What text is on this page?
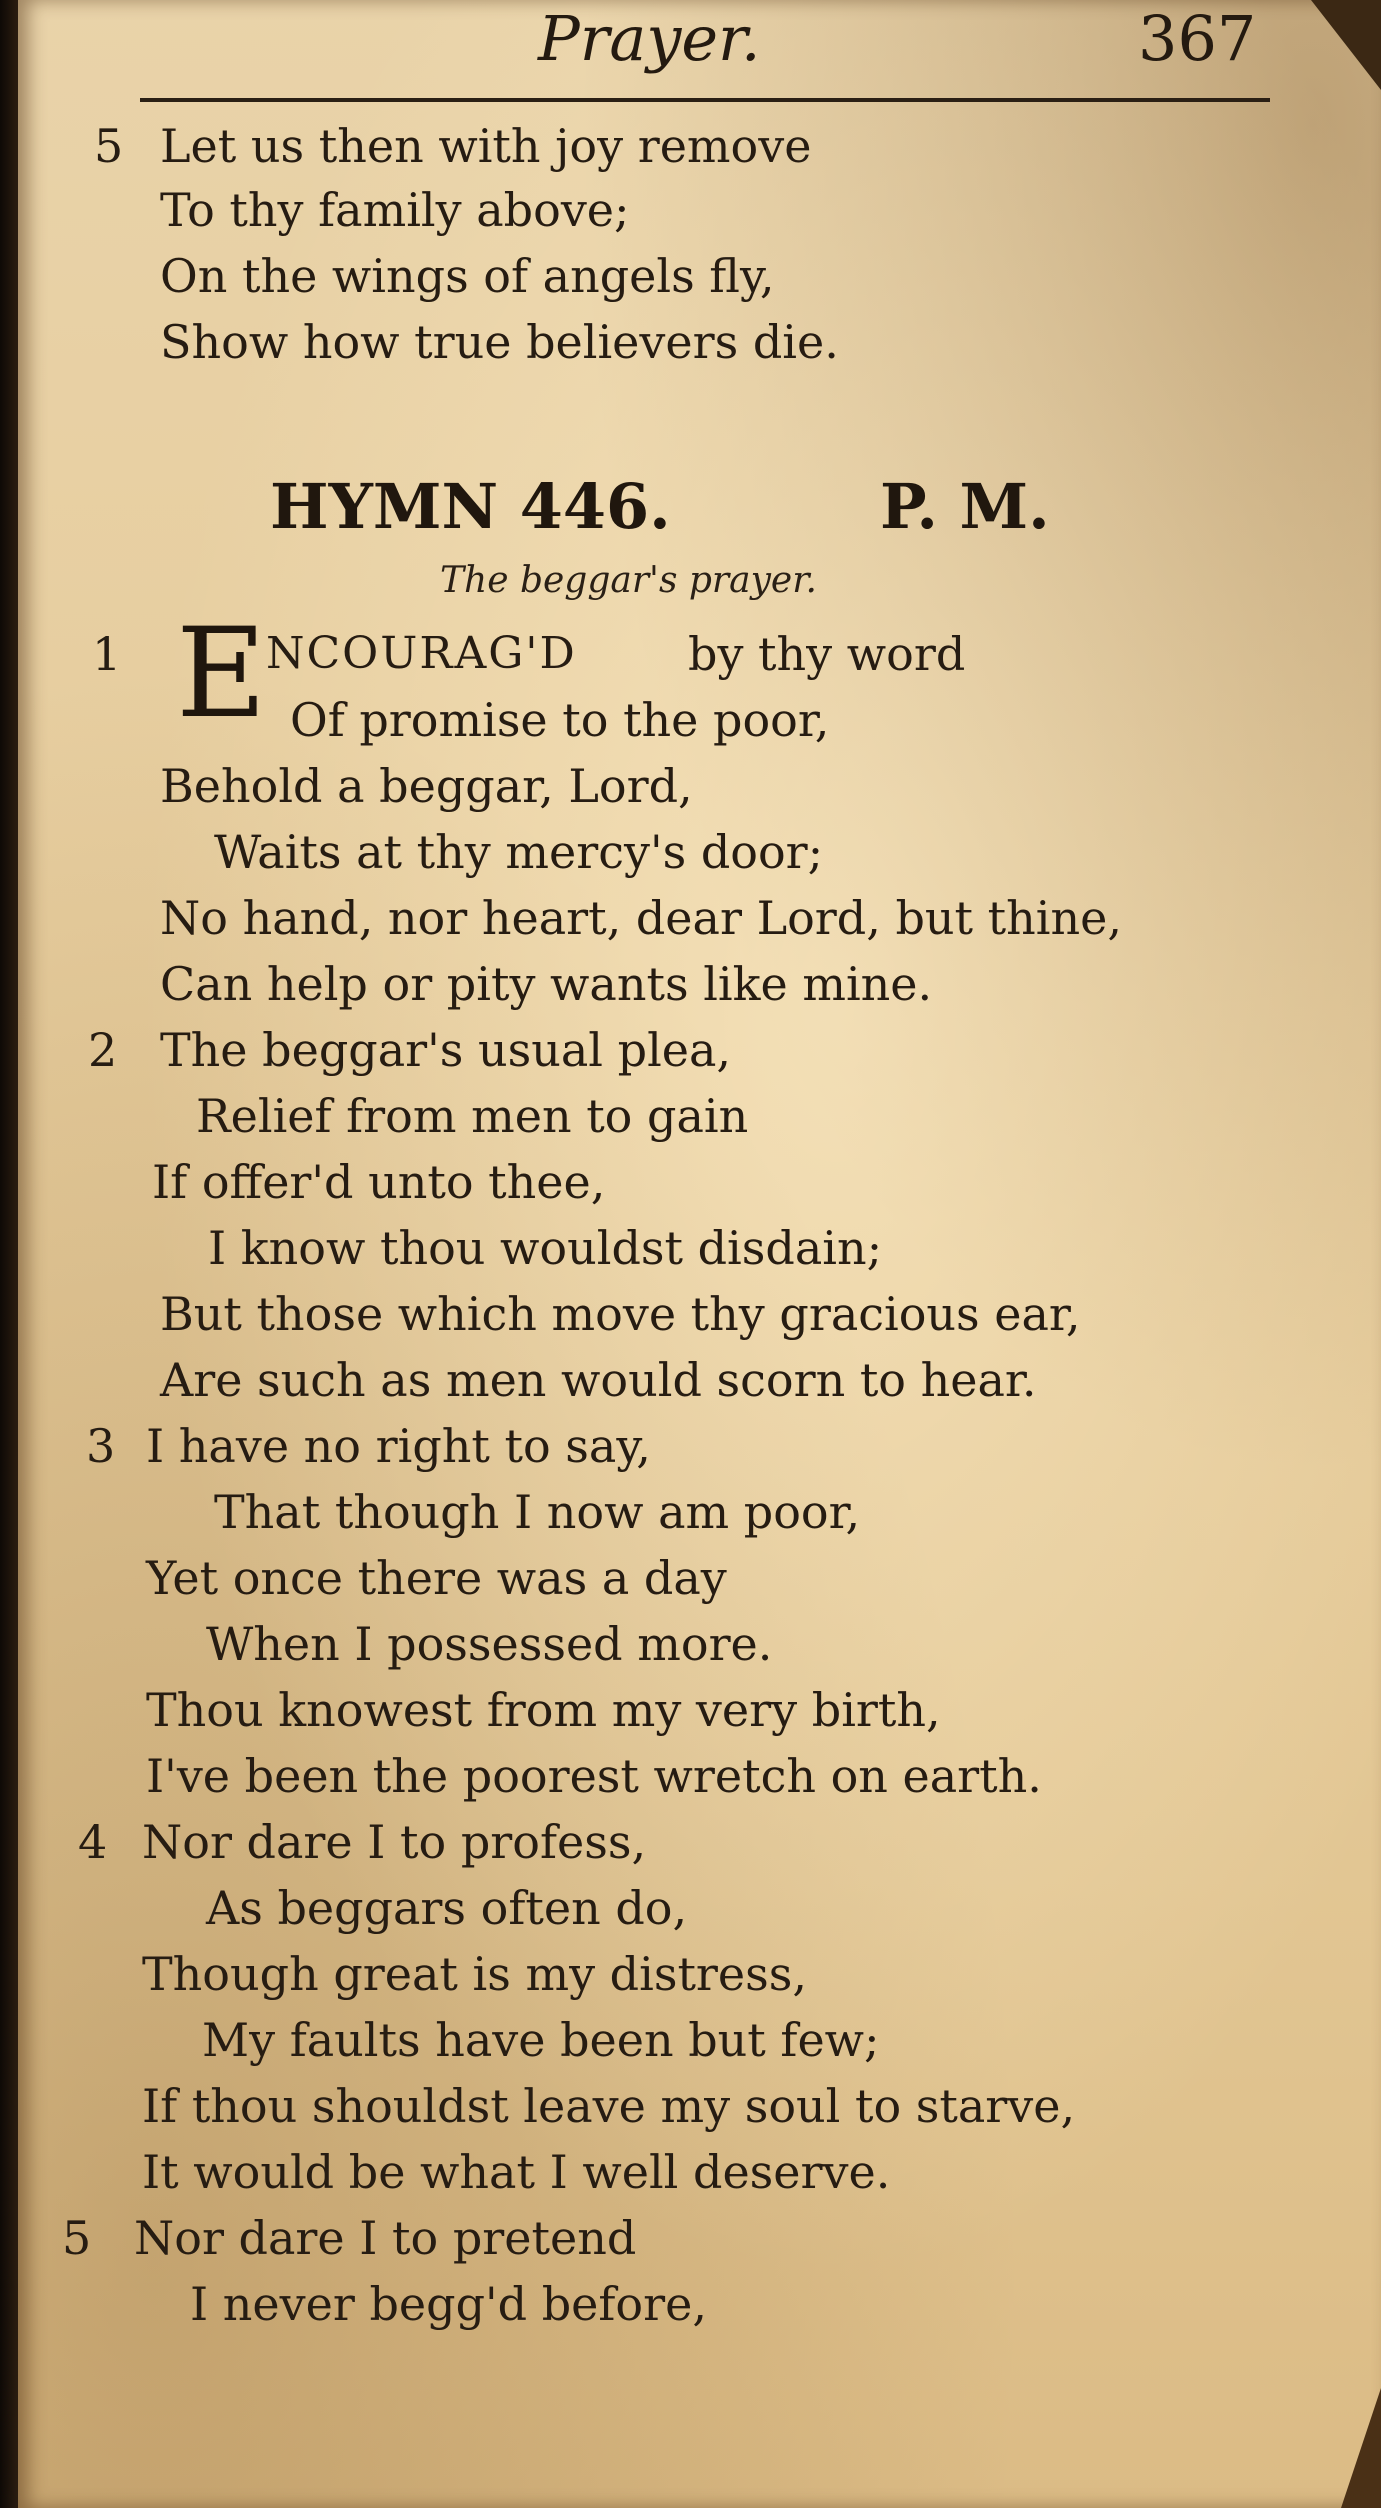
Prayer.	367
5 Let us then with joy remove
To thy family above;
On the wings of angels fly,
Show how true believers die.
HYMN 446.	P. M.
The beggar's prayer.
1 E NCOURAG'D by thy word
Of promise to the poor,
Behold a beggar, Lord,
Waits at thy mercy's door;
No hand, nor heart, dear Lord, but thine,
Can help or pity wants like mine.
2 The beggar's usual plea,
Relief from men to gain
If offer'd unto thee,
I know thou wouldst disdain;
But those which move thy gracious ear,
Are such as men would scorn to hear.
3 I have no right to say,
That though I now am poor,
Yet once there was a day
When I possessed more.
Thou knowest from my very birth,
I've been the poorest wretch on earth.
4 Nor dare I to profess,
As beggars often do,
Though great is my distress,
My faults have been but few;
If thou shouldst leave my soul to starve,
It would be what I well deserve.
5 Nor dare I to pretend
I never begg'd before,
